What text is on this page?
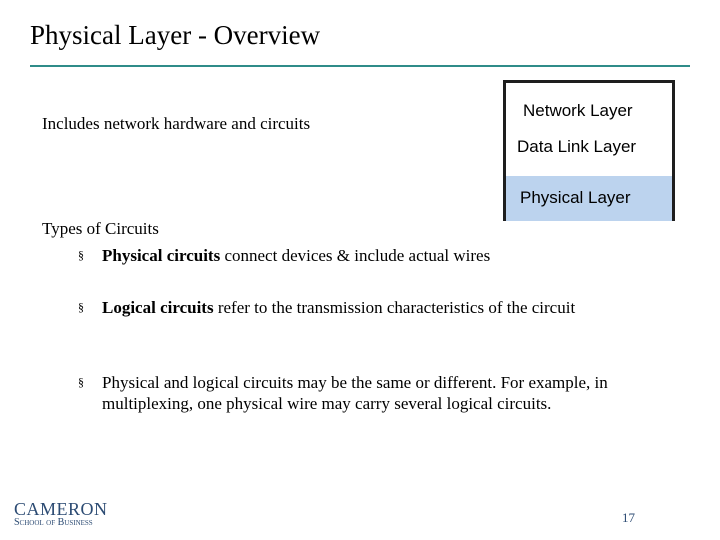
Physical Layer - Overview
Includes network hardware and circuits
Network Layer
Data Link Layer
Physical Layer
Types of Circuits
§ Physical circuits connect devices & include actual wires
§ Logical circuits refer to the transmission characteristics of the circuit
§ Physical and logical circuits may be the same or different. For example, in multiplexing, one physical wire may carry several logical circuits.
CAMERON
School of Business	17
